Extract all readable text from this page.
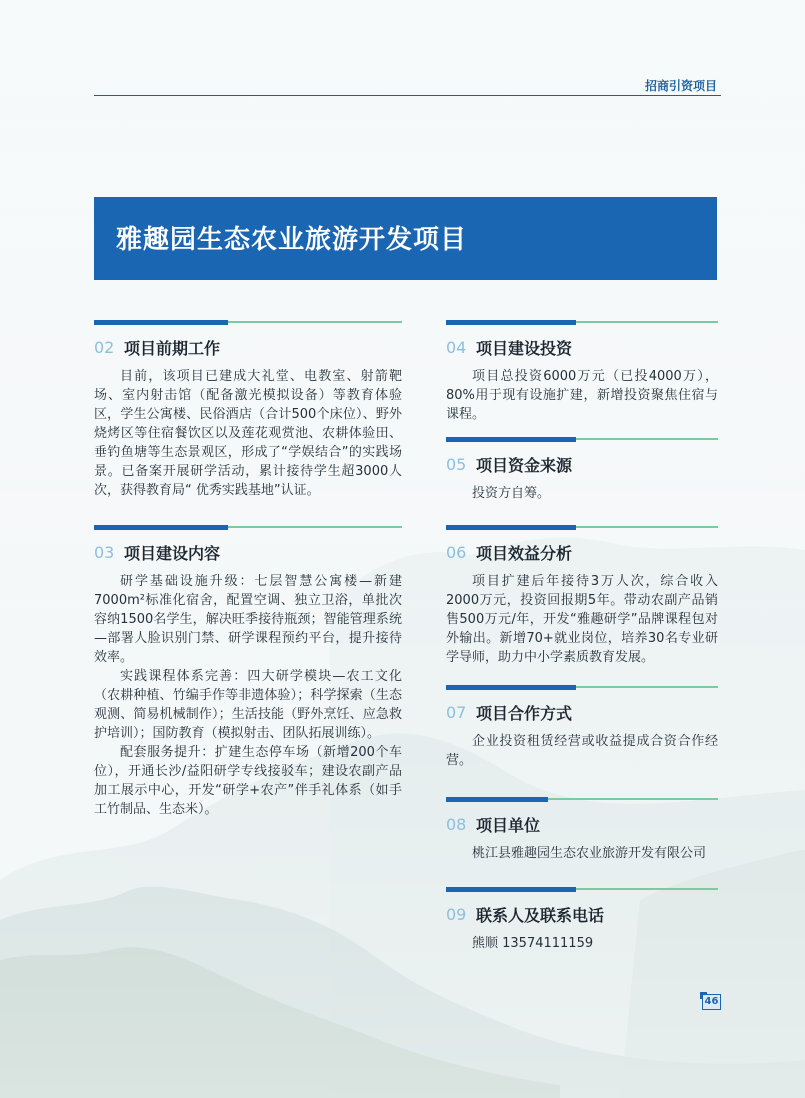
招商引资项目
雅趣园生态农业旅游开发项目
02 项目前期工作

目前，该项目已建成大礼堂、电教室、射箭靶场、室内射击馆（配备激光模拟设备）等教育体验区，学生公寓楼、民俗酒店（合计500个床位）、野外烧烤区等住宿餐饮区以及莲花观赏池、农耕体验田、垂钓鱼塘等生态景观区，形成了“学娱结合”的实践场景。已备案开展研学活动，累计接待学生超3000人次，获得教育局“ 优秀实践基地”认证。

03 项目建设内容

研学基础设施升级：七层智慧公寓楼—新建7000m²标准化宿舍，配置空调、独立卫浴，单批次容纳1500名学生，解决旺季接待瓶颈；智能管理系统—部署人脸识别门禁、研学课程预约平台，提升接待效率。

实践课程体系完善：四大研学模块—农工文化（农耕种植、竹编手作等非遗体验）；科学探索（生态观测、简易机械制作）；生活技能（野外烹饪、应急救护培训）；国防教育（模拟射击、团队拓展训练）。

配套服务提升：扩建生态停车场（新增200个车位），开通长沙/益阳研学专线接驳车；建设农副产品加工展示中心，开发“研学+农产”伴手礼体系（如手工竹制品、生态米）。

04 项目建设投资

项目总投资6000万元（已投4000万），80%用于现有设施扩建，新增投资聚焦住宿与课程。

05 项目资金来源

投资方自筹。

06 项目效益分析

项目扩建后年接待3万人次，综合收入2000万元，投资回报期5年。带动农副产品销售500万元/年，开发“雅趣研学”品牌课程包对外输出。新增70+就业岗位，培养30名专业研学导师，助力中小学素质教育发展。

07 项目合作方式

企业投资租赁经营或收益提成合资合作经营。

08 项目单位

桃江县雅趣园生态农业旅游开发有限公司

09 联系人及联系电话

熊顺 13574111159

46
